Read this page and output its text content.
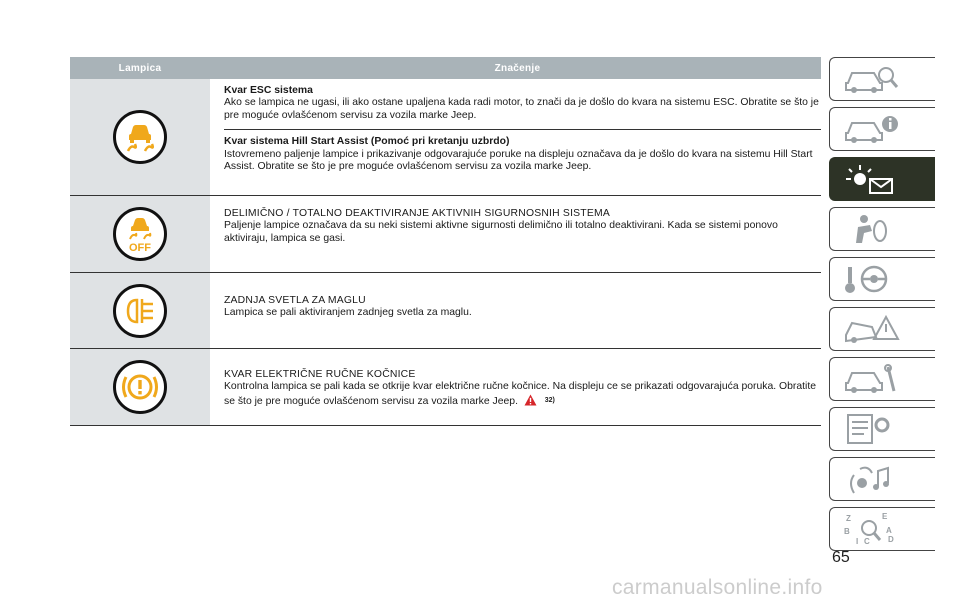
Lampica	Značenje
Kvar ESC sistema
Ako se lampica ne ugasi, ili ako ostane upaljena kada radi motor, to znači da je došlo do kvara na sistemu ESC. Obratite se što je pre moguće ovlašćenom servisu za vozila marke Jeep.
Kvar sistema Hill Start Assist (Pomoć pri kretanju uzbrdo)
Istovremeno paljenje lampice i prikazivanje odgovarajuće poruke na displeju označava da je došlo do kvara na sistemu Hill Start Assist. Obratite se što je pre moguće ovlašćenom servisu za vozila marke Jeep.
OFF
DELIMIČNO / TOTALNO DEAKTIVIRANJE AKTIVNIH SIGURNOSNIH SISTEMA
Paljenje lampice označava da su neki sistemi aktivne sigurnosti delimično ili totalno deaktivirani. Kada se sistemi ponovo aktiviraju, lampica se gasi.
ZADNJA SVETLA ZA MAGLU
Lampica se pali aktiviranjem zadnjeg svetla za maglu.
KVAR ELEKTRIČNE RUČNE KOČNICE
Kontrolna lampica se pali kada se otkrije kvar električne ručne kočnice. Na displeju ce se prikazati odgovarajuća poruka. Obratite se što je pre moguće ovlašćenom servisu za vozila marke Jeep.	32)
Z	E
B	A
I C D
65
carmanualsonline.info
